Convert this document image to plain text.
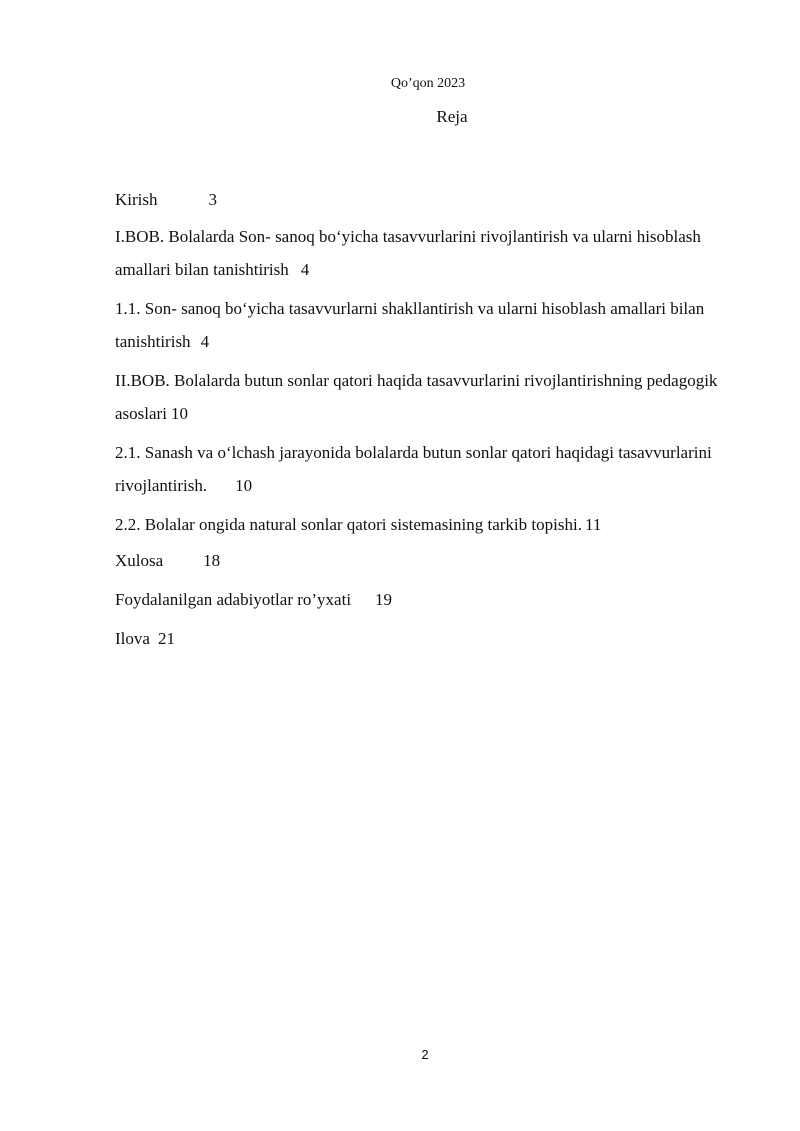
Qo’qon 2023
Reja
Kirish	3
I.BOB. Bolalarda Son- sanoq bo‘yicha tasavvurlarini rivojlantirish va ularni hisoblash amallari bilan tanishtirish 4
1.1. Son- sanoq bo‘yicha tasavvurlarni shakllantirish va ularni hisoblash amallari bilan tanishtirish 4
II.BOB. Bolalarda butun sonlar qatori haqida tasavvurlarini rivojlantirishning pedagogik asoslari 10
2.1. Sanash va o‘lchash jarayonida bolalarda butun sonlar qatori haqidagi tasavvurlarini rivojlantirish. 10
2.2. Bolalar ongida natural sonlar qatori sistemasining tarkib topishi. 11
Xulosa 18
Foydalanilgan adabiyotlar ro’yxati 19
Ilova 21
2
